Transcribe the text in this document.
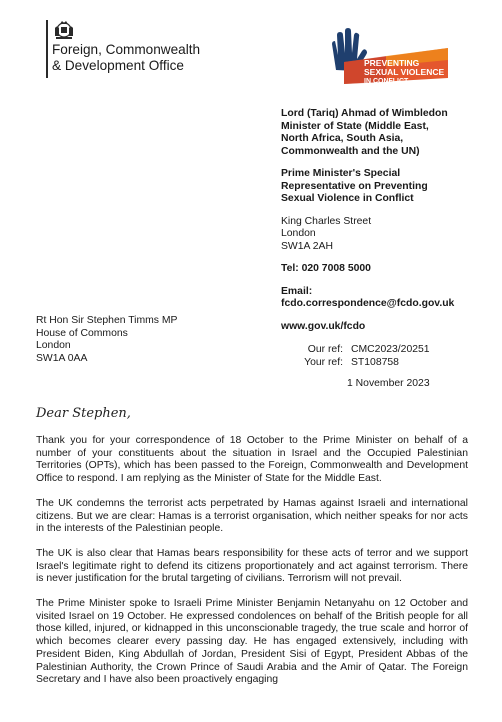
Foreign, Commonwealth
& Development Office	PREVENTING
SEXUAL VIOLENCE
IN CONFLICT
Lord (Tariq) Ahmad of Wimbledon
Minister of State (Middle East,
North Africa, South Asia,
Commonwealth and the UN)
Prime Minister's Special
Representative on Preventing
Sexual Violence in Conflict
King Charles Street
London
SW1A 2AH
Tel: 020 7008 5000
Email:
fcdo.correspondence@fcdo.gov.uk
www.gov.uk/fcdo
Rt Hon Sir Stephen Timms MP
House of Commons
London
SW1A 0AA
Our ref: CMC2023/20251
Your ref: ST108758
1 November 2023
Dear Stephen,

Thank you for your correspondence of 18 October to the Prime Minister on behalf of a number of your constituents about the situation in Israel and the Occupied Palestinian Territories (OPTs), which has been passed to the Foreign, Commonwealth and Development Office to respond. I am replying as the Minister of State for the Middle East.

The UK condemns the terrorist acts perpetrated by Hamas against Israeli and international citizens. But we are clear: Hamas is a terrorist organisation, which neither speaks for nor acts in the interests of the Palestinian people.

The UK is also clear that Hamas bears responsibility for these acts of terror and we support Israel's legitimate right to defend its citizens proportionately and act against terrorism. There is never justification for the brutal targeting of civilians. Terrorism will not prevail.

The Prime Minister spoke to Israeli Prime Minister Benjamin Netanyahu on 12 October and visited Israel on 19 October. He expressed condolences on behalf of the British people for all those killed, injured, or kidnapped in this unconscionable tragedy, the true scale and horror of which becomes clearer every passing day. He has engaged extensively, including with President Biden, King Abdullah of Jordan, President Sisi of Egypt, President Abbas of the Palestinian Authority, the Crown Prince of Saudi Arabia and the Amir of Qatar. The Foreign Secretary and I have also been proactively engaging
